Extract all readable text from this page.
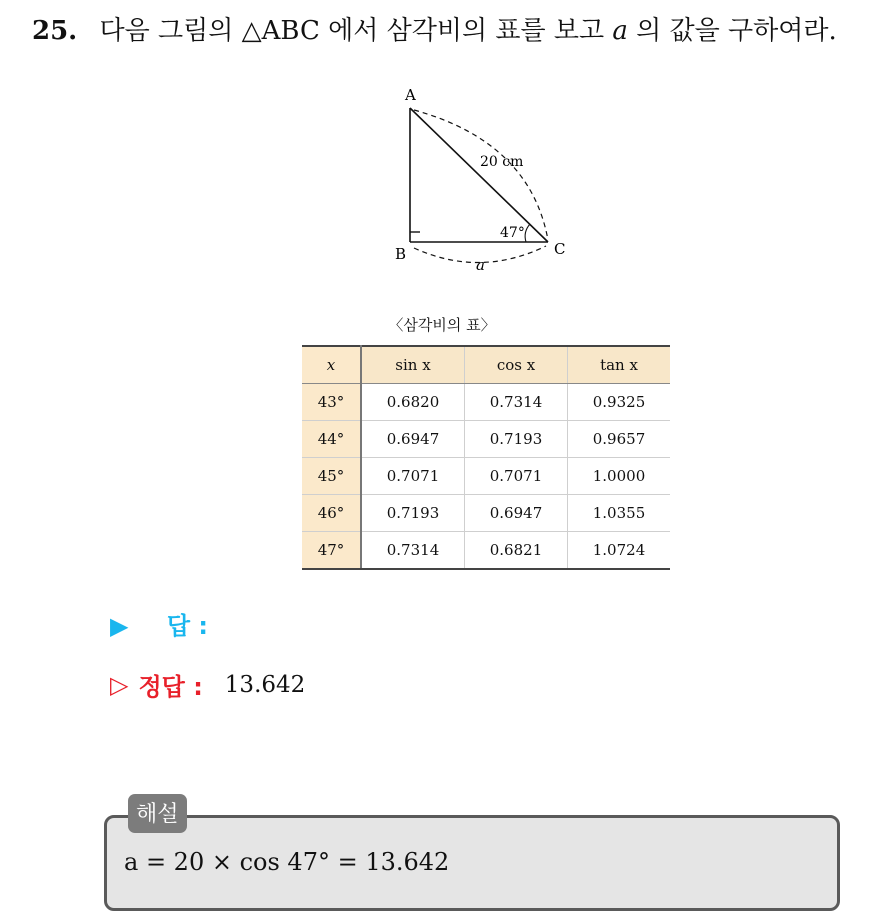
25. 다음 그림의 △ABC 에서 삼각비의 표를 보고 a 의 값을 구하여라.
A
B	C
20 cm
47°
a
〈삼각비의 표〉
x	sin x	cos x	tan x
43°	0.6820	0.7314	0.9325
44°	0.6947	0.7193	0.9657
45°	0.7071	0.7071	1.0000
46°	0.7193	0.6947	1.0355
47°	0.7314	0.6821	1.0724
▶ 답 :
▷ 정답 : 13.642
해설
a = 20 × cos 47° = 13.642
